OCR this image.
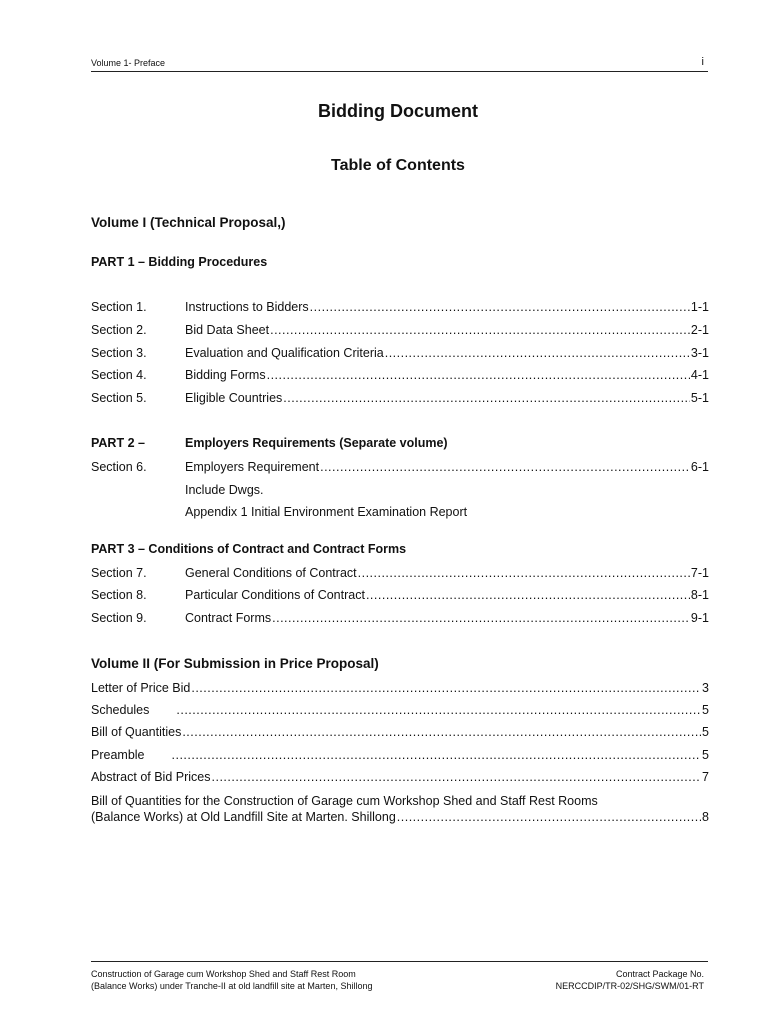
Volume 1- Preface	i
Bidding Document
Table of Contents
Volume I (Technical Proposal,)
PART 1 – Bidding Procedures
Section 1.	Instructions to Bidders .....	1-1
Section 2.	Bid Data Sheet .....	2-1
Section 3.	Evaluation and Qualification Criteria .....	3-1
Section 4.	Bidding Forms .....	4-1
Section 5.	Eligible Countries .....	5-1
PART 2 –	Employers Requirements (Separate volume)
Section 6.	Employers Requirement .....	6-1
Include Dwgs.
Appendix 1 Initial Environment Examination Report
PART 3 – Conditions of Contract and Contract Forms
Section 7.	General Conditions of Contract .....	7-1
Section 8.	Particular Conditions of Contract .....	8-1
Section 9.	Contract Forms .....	9-1
Volume II (For Submission in Price Proposal)
Letter of Price Bid .....	3
Schedules .....	5
Bill of Quantities .....	5
Preamble .....	5
Abstract of Bid Prices .....	7
Bill of Quantities for the Construction of Garage cum Workshop Shed and Staff Rest Rooms
(Balance Works) at Old Landfill Site at Marten. Shillong .....	8
Construction of Garage cum Workshop Shed and Staff Rest Room
(Balance Works) under Tranche-II at old landfill site at Marten, Shillong
Contract Package No.
NERCCDIP/TR-02/SHG/SWM/01-RT
